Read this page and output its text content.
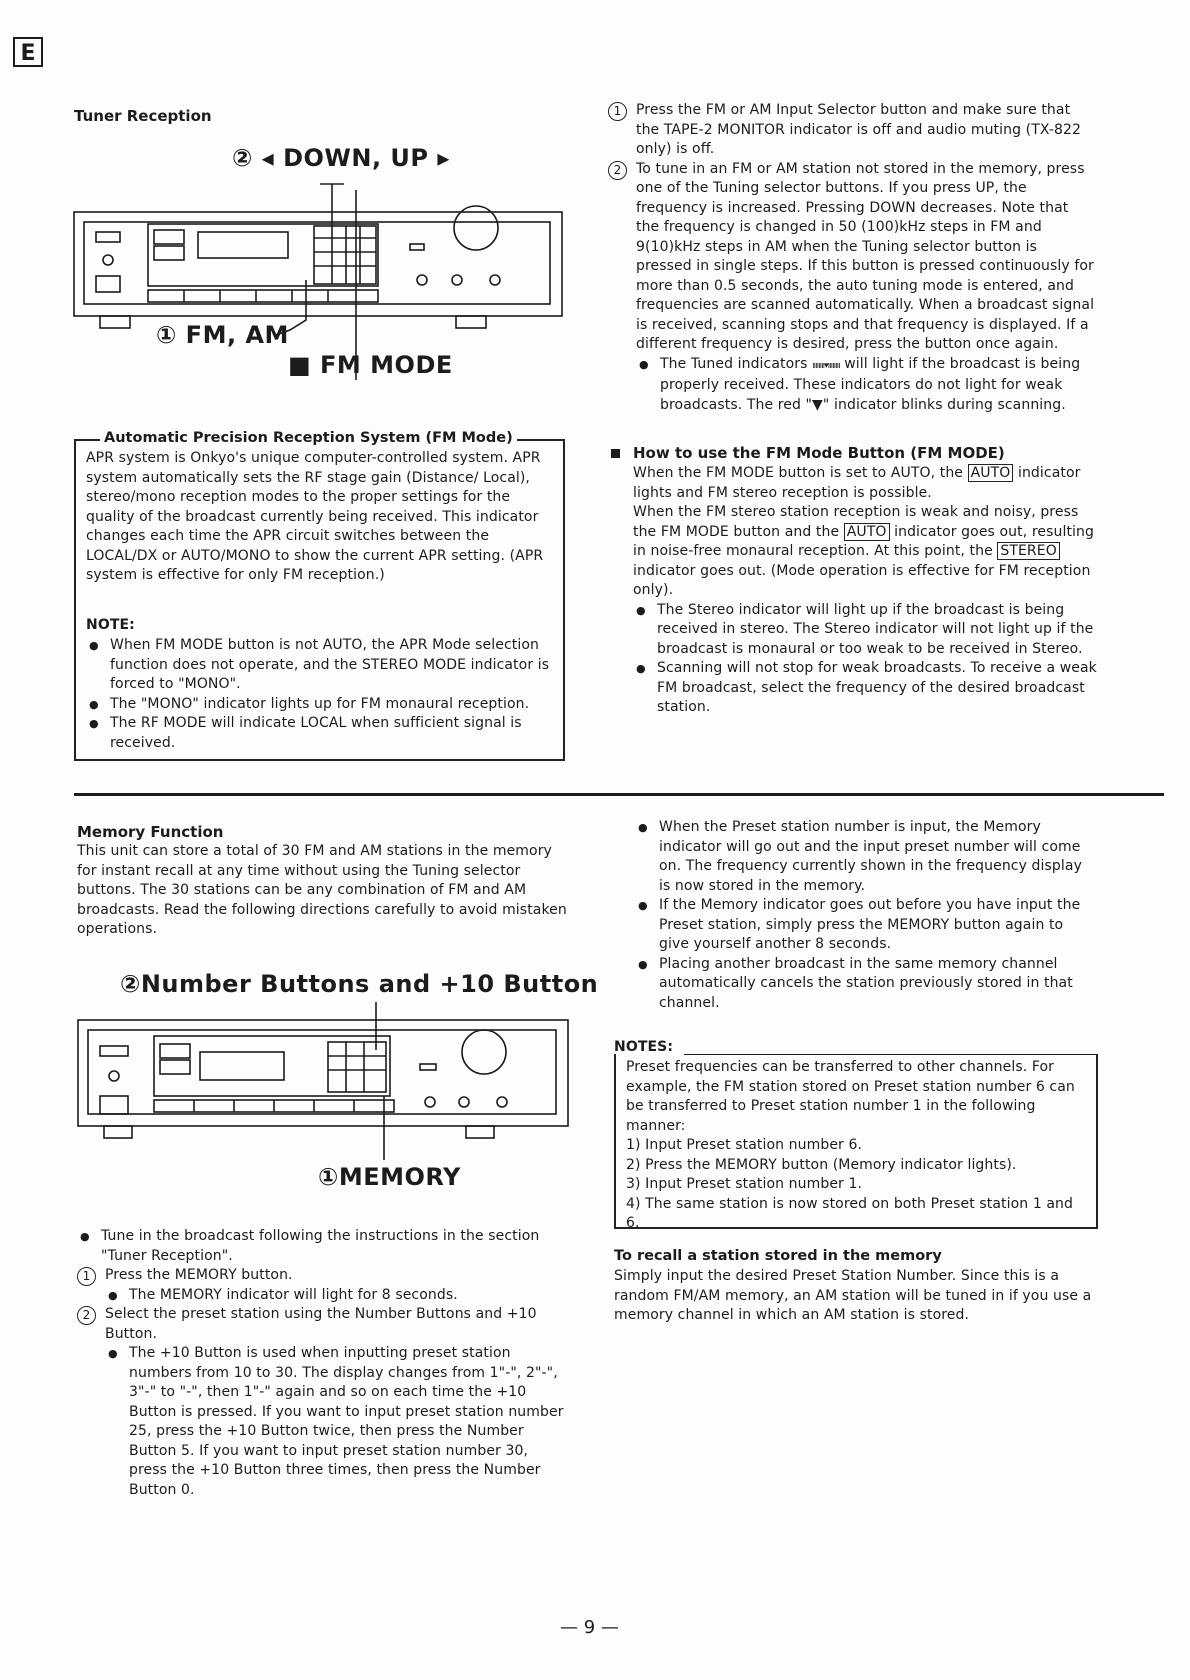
E
Tuner Reception
② ◂ DOWN, UP ▸
① FM, AM
■ FM MODE
Automatic Precision Reception System (FM Mode)
APR system is Onkyo's unique computer-controlled system. APR system automatically sets the RF stage gain (Distance/ Local), stereo/mono reception modes to the proper settings for the quality of the broadcast currently being received. This indicator changes each time the APR circuit switches between the LOCAL/DX or AUTO/MONO to show the current APR setting. (APR system is effective for only FM reception.)
NOTE:
● When FM MODE button is not AUTO, the APR Mode selection function does not operate, and the STEREO MODE indicator is forced to "MONO".
● The "MONO" indicator lights up for FM monaural reception.
● The RF MODE will indicate LOCAL when sufficient signal is received.
1	Press the FM or AM Input Selector button and make sure that the TAPE-2 MONITOR indicator is off and audio muting (TX-822 only) is off.
2	To tune in an FM or AM station not stored in the memory, press one of the Tuning selector buttons. If you press UP, the frequency is increased. Pressing DOWN decreases. Note that the frequency is changed in 50 (100)kHz steps in FM and 9(10)kHz steps in AM when the Tuning selector button is pressed in single steps. If this button is pressed continuously for more than 0.5 seconds, the auto tuning mode is entered, and frequencies are scanned automatically. When a broadcast signal is received, scanning stops and that frequency is displayed. If a different frequency is desired, press the button once again.
● The Tuned indicators ıııııııı▾ıııııııı will light if the broadcast is being properly received. These indicators do not light for weak broadcasts. The red "▼" indicator blinks during scanning.
How to use the FM Mode Button (FM MODE)

When the FM MODE button is set to AUTO, the AUTO indicator lights and FM stereo reception is possible.

When the FM stereo station reception is weak and noisy, press the FM MODE button and the AUTO indicator goes out, resulting in noise-free monaural reception. At this point, the STEREO indicator goes out. (Mode operation is effective for FM reception only).

● The Stereo indicator will light up if the broadcast is being received in stereo. The Stereo indicator will not light up if the broadcast is monaural or too weak to be received in Stereo.
● Scanning will not stop for weak broadcasts. To receive a weak FM broadcast, select the frequency of the desired broadcast station.
Memory Function
This unit can store a total of 30 FM and AM stations in the memory for instant recall at any time without using the Tuning selector buttons. The 30 stations can be any combination of FM and AM broadcasts. Read the following directions carefully to avoid mistaken operations.
②Number Buttons and +10 Button
①MEMORY
● Tune in the broadcast following the instructions in the section "Tuner Reception".
1	Press the MEMORY button.
● The MEMORY indicator will light for 8 seconds.
2	Select the preset station using the Number Buttons and +10 Button.
● The +10 Button is used when inputting preset station numbers from 10 to 30. The display changes from 1"-", 2"-", 3"-" to "-", then 1"-" again and so on each time the +10 Button is pressed. If you want to input preset station number 25, press the +10 Button twice, then press the Number Button 5. If you want to input preset station number 30, press the +10 Button three times, then press the Number Button 0.
● When the Preset station number is input, the Memory indicator will go out and the input preset number will come on. The frequency currently shown in the frequency display is now stored in the memory.
● If the Memory indicator goes out before you have input the Preset station, simply press the MEMORY button again to give yourself another 8 seconds.
● Placing another broadcast in the same memory channel automatically cancels the station previously stored in that channel.
NOTES:

Preset frequencies can be transferred to other channels. For example, the FM station stored on Preset station number 6 can be transferred to Preset station number 1 in the following manner:

1) Input Preset station number 6.

2) Press the MEMORY button (Memory indicator lights).

3) Input Preset station number 1.

4) The same station is now stored on both Preset station 1 and 6.

To recall a station stored in the memory
Simply input the desired Preset Station Number. Since this is a random FM/AM memory, an AM station will be tuned in if you use a memory channel in which an AM station is stored.
— 9 —
